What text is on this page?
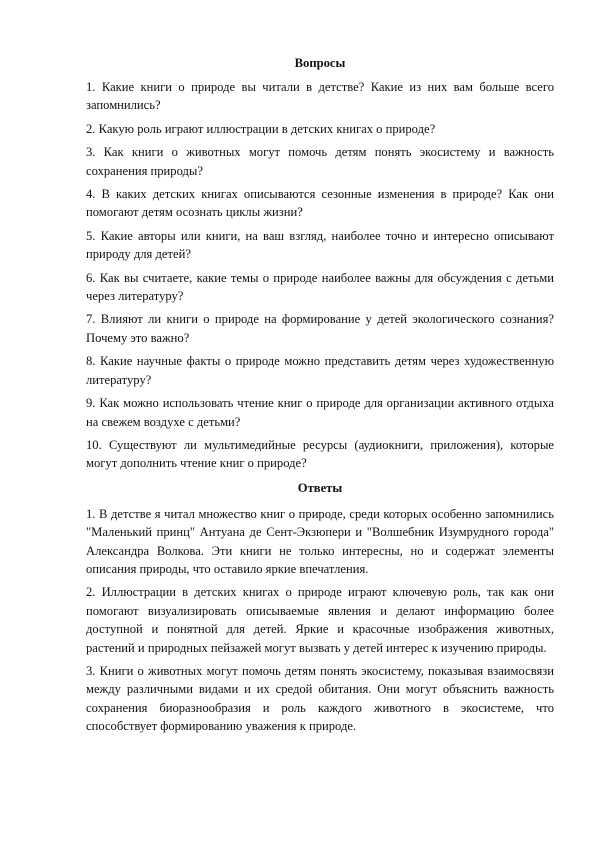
Вопросы

1. Какие книги о природе вы читали в детстве? Какие из них вам больше всего запомнились?

2. Какую роль играют иллюстрации в детских книгах о природе?

3. Как книги о животных могут помочь детям понять экосистему и важность сохранения природы?

4. В каких детских книгах описываются сезонные изменения в природе? Как они помогают детям осознать циклы жизни?

5. Какие авторы или книги, на ваш взгляд, наиболее точно и интересно описывают природу для детей?

6. Как вы считаете, какие темы о природе наиболее важны для обсуждения с детьми через литературу?

7. Влияют ли книги о природе на формирование у детей экологического сознания? Почему это важно?

8. Какие научные факты о природе можно представить детям через художественную литературу?

9. Как можно использовать чтение книг о природе для организации активного отдыха на свежем воздухе с детьми?

10. Существуют ли мультимедийные ресурсы (аудиокниги, приложения), которые могут дополнить чтение книг о природе?

Ответы

1. В детстве я читал множество книг о природе, среди которых особенно запомнились "Маленький принц" Антуана де Сент-Экзюпери и "Волшебник Изумрудного города" Александра Волкова. Эти книги не только интересны, но и содержат элементы описания природы, что оставило яркие впечатления.

2. Иллюстрации в детских книгах о природе играют ключевую роль, так как они помогают визуализировать описываемые явления и делают информацию более доступной и понятной для детей. Яркие и красочные изображения животных, растений и природных пейзажей могут вызвать у детей интерес к изучению природы.

3. Книги о животных могут помочь детям понять экосистему, показывая взаимосвязи между различными видами и их средой обитания. Они могут объяснить важность сохранения биоразнообразия и роль каждого животного в экосистеме, что способствует формированию уважения к природе.
